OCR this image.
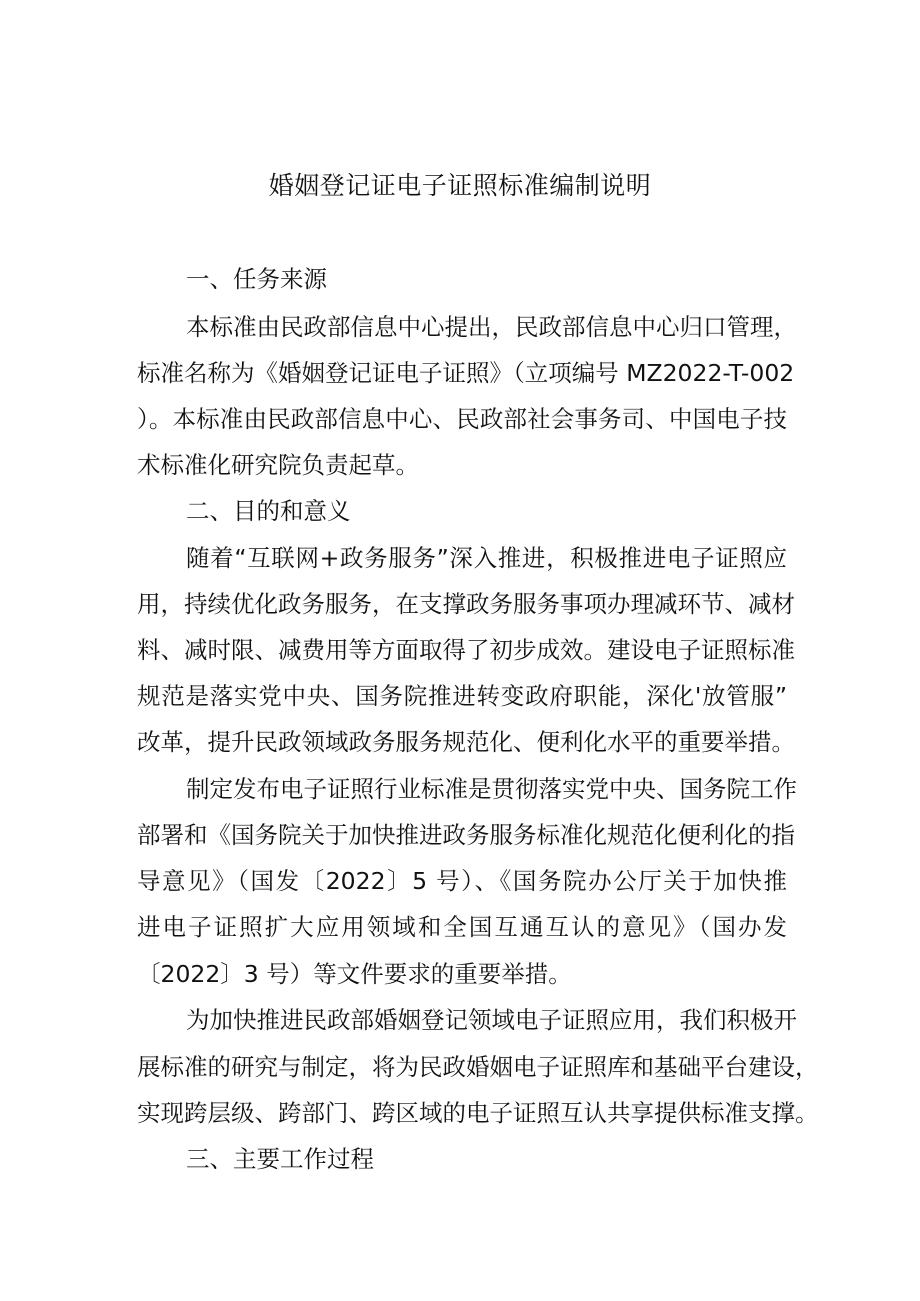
婚姻登记证电子证照标准编制说明

一、任务来源

本标准由民政部信息中心提出，民政部信息中心归口管理，

标准名称为《婚姻登记证电子证照》（立项编号 MZ2022-T-002

）。本标准由民政部信息中心、民政部社会事务司、中国电子技

术标准化研究院负责起草。

二、目的和意义

随着“互联网+政务服务”深入推进，积极推进电子证照应

用，持续优化政务服务，在支撑政务服务事项办理减环节、减材

料、减时限、减费用等方面取得了初步成效。建设电子证照标准

规范是落实党中央、国务院推进转变政府职能，深化'放管服”

改革，提升民政领域政务服务规范化、便利化水平的重要举措。

制定发布电子证照行业标准是贯彻落实党中央、国务院工作

部署和《国务院关于加快推进政务服务标准化规范化便利化的指

导意见》（国发〔2022〕5 号）、《国务院办公厅关于加快推

进电子证照扩大应用领域和全国互通互认的意见》（国办发

〔2022〕3 号）等文件要求的重要举措。

为加快推进民政部婚姻登记领域电子证照应用，我们积极开

展标准的研究与制定，将为民政婚姻电子证照库和基础平台建设，

实现跨层级、跨部门、跨区域的电子证照互认共享提供标准支撑。

三、主要工作过程
